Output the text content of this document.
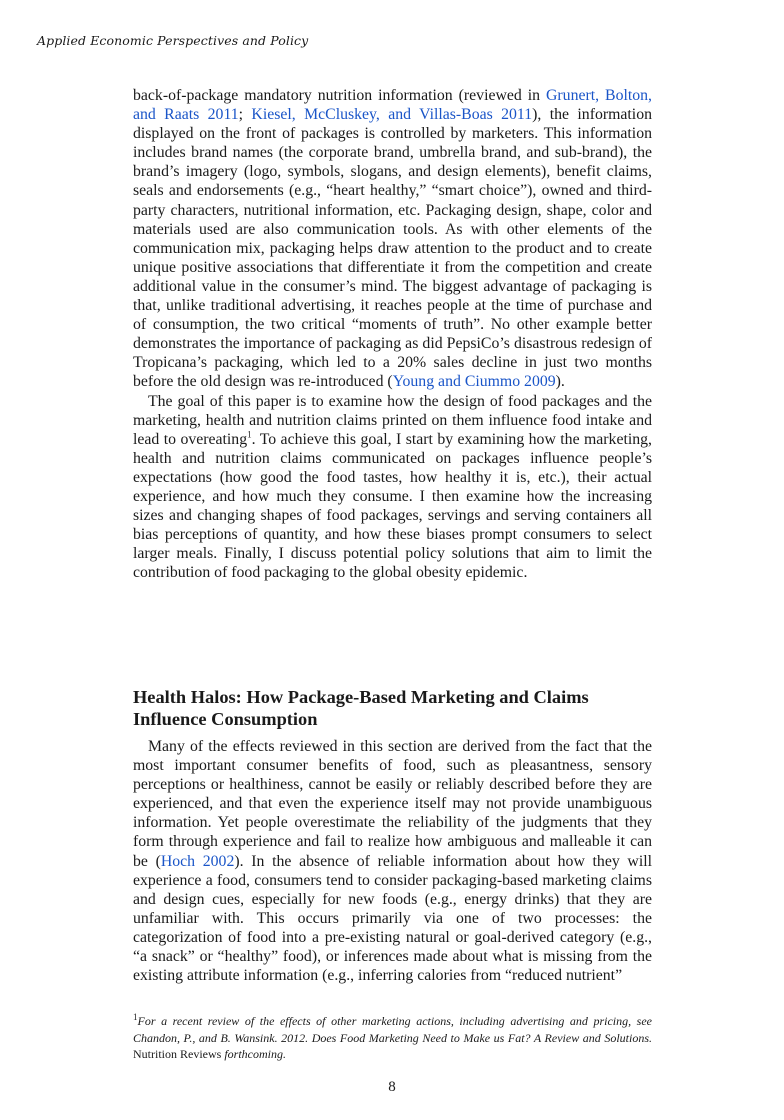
Applied Economic Perspectives and Policy

back-of-package mandatory nutrition information (reviewed in Grunert, Bolton, and Raats 2011; Kiesel, McCluskey, and Villas-Boas 2011), the information displayed on the front of packages is controlled by marketers. This information includes brand names (the corporate brand, umbrella brand, and sub-brand), the brand’s imagery (logo, symbols, slogans, and design elements), benefit claims, seals and endorsements (e.g., “heart healthy,” “smart choice”), owned and third-party characters, nutritional information, etc. Packaging design, shape, color and materials used are also communication tools. As with other elements of the communication mix, packaging helps draw attention to the product and to create unique positive associations that differentiate it from the competition and create additional value in the consumer’s mind. The biggest advantage of packaging is that, unlike traditional advertising, it reaches people at the time of purchase and of consumption, the two critical “moments of truth”. No other example better demonstrates the importance of packaging as did PepsiCo’s disastrous redesign of Tropicana’s packaging, which led to a 20% sales decline in just two months before the old design was re-introduced (Young and Ciummo 2009).

The goal of this paper is to examine how the design of food packages and the marketing, health and nutrition claims printed on them influence food intake and lead to overeating$^1$. To achieve this goal, I start by examining how the marketing, health and nutrition claims communicated on packages influence people’s expectations (how good the food tastes, how healthy it is, etc.), their actual experience, and how much they consume. I then examine how the increasing sizes and changing shapes of food packages, servings and serving containers all bias perceptions of quantity, and how these biases prompt consumers to select larger meals. Finally, I discuss potential policy solutions that aim to limit the contribution of food packaging to the global obesity epidemic.

Health Halos: How Package-Based Marketing and Claims Influence Consumption

Many of the effects reviewed in this section are derived from the fact that the most important consumer benefits of food, such as pleasantness, sensory perceptions or healthiness, cannot be easily or reliably described before they are experienced, and that even the experience itself may not provide unambiguous information. Yet people overestimate the reliability of the judgments that they form through experience and fail to realize how ambiguous and malleable it can be (Hoch 2002). In the absence of reliable information about how they will experience a food, consumers tend to consider packaging-based marketing claims and design cues, especially for new foods (e.g., energy drinks) that they are unfamiliar with. This occurs primarily via one of two processes: the categorization of food into a pre-existing natural or goal-derived category (e.g., “a snack” or “healthy” food), or inferences made about what is missing from the existing attribute information (e.g., inferring calories from “reduced nutrient”

$^1$For a recent review of the effects of other marketing actions, including advertising and pricing, see Chandon, P., and B. Wansink. 2012. Does Food Marketing Need to Make us Fat? A Review and Solutions. Nutrition Reviews forthcoming.
8
